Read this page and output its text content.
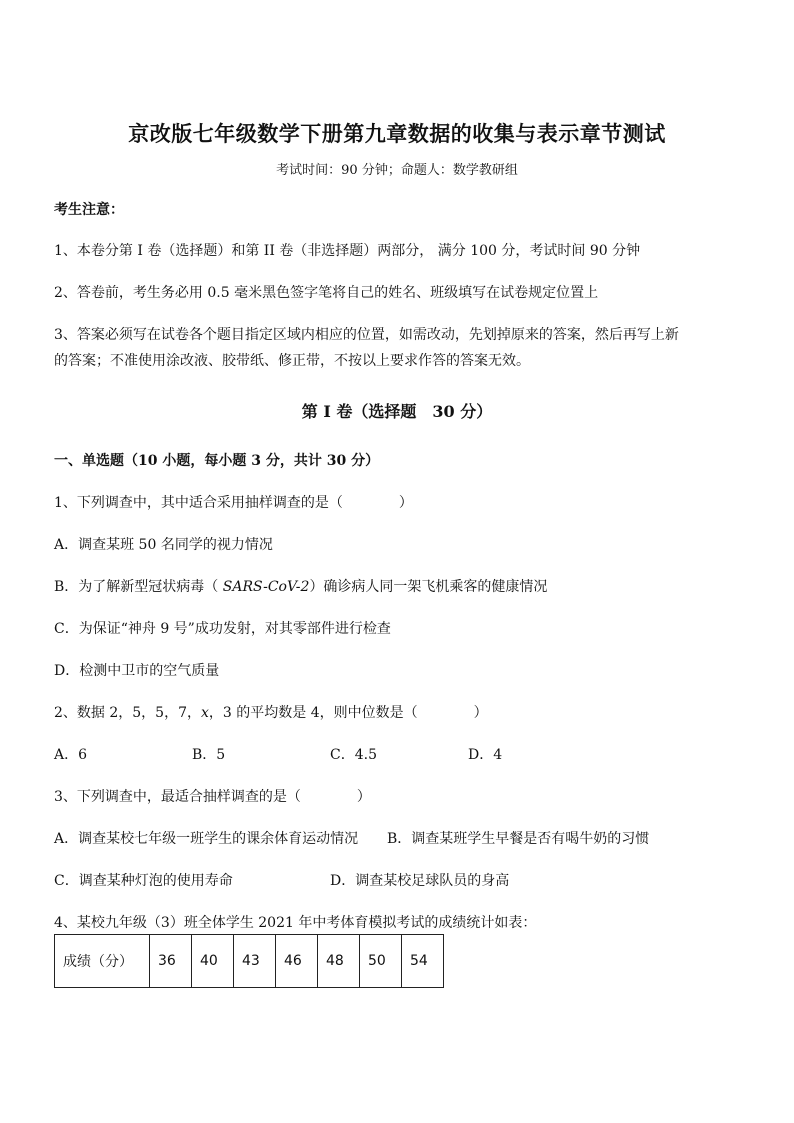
京改版七年级数学下册第九章数据的收集与表示章节测试
考试时间：90 分钟；命题人：数学教研组
考生注意：
1、本卷分第 I 卷（选择题）和第 II 卷（非选择题）两部分， 满分 100 分，考试时间 90 分钟
2、答卷前，考生务必用 0.5 毫米黑色签字笔将自己的姓名、班级填写在试卷规定位置上
3、答案必须写在试卷各个题目指定区域内相应的位置，如需改动，先划掉原来的答案，然后再写上新
的答案；不准使用涂改液、胶带纸、修正带，不按以上要求作答的答案无效。
第 I 卷（选择题　30 分）
一、单选题（10 小题，每小题 3 分，共计 30 分）
1、下列调查中，其中适合采用抽样调查的是（　　　　）
A．调查某班 50 名同学的视力情况
B．为了解新型冠状病毒（ SARS-CoV-2）确诊病人同一架飞机乘客的健康情况
C．为保证“神舟 9 号”成功发射，对其零部件进行检查
D．检测中卫市的空气质量
2、数据 2，5，5，7，x，3 的平均数是 4，则中位数是（　　　　）
A．6	B．5	C．4.5	D．4
3、下列调查中，最适合抽样调查的是（　　　　）
A．调查某校七年级一班学生的课余体育运动情况 B．调查某班学生早餐是否有喝牛奶的习惯
C．调查某种灯泡的使用寿命	D．调查某校足球队员的身高
4、某校九年级（3）班全体学生 2021 年中考体育模拟考试的成绩统计如表：
成绩（分）	36	40	43	46	48	50	54
